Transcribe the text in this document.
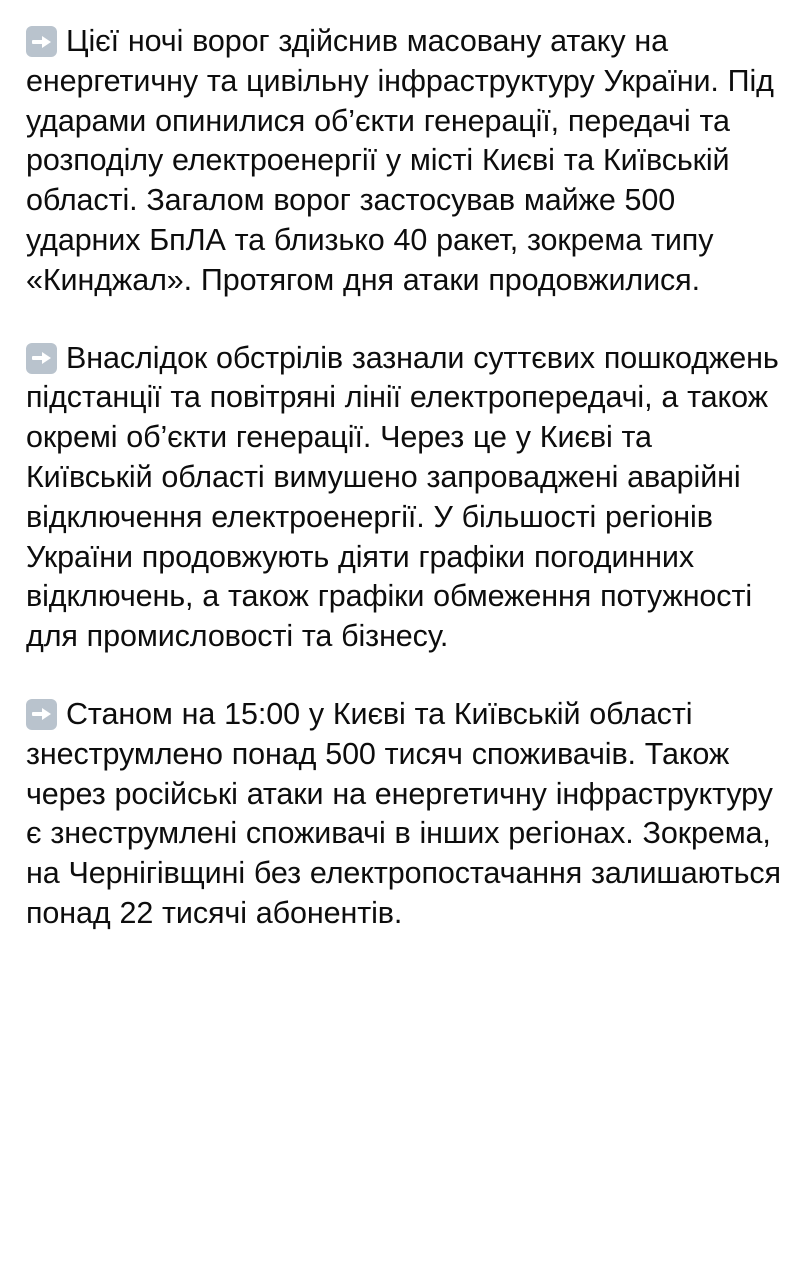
Цієї ночі ворог здійснив масовану атаку на енергетичну та цивільну інфраструктуру України. Під ударами опинилися об’єкти генерації, передачі та розподілу електроенергії у місті Києві та Київській області. Загалом ворог застосував майже 500 ударних БпЛА та близько 40 ракет, зокрема типу «Кинджал». Протягом дня атаки продовжилися.

Внаслідок обстрілів зазнали суттєвих пошкоджень підстанції та повітряні лінії електропередачі, а також окремі об’єкти генерації. Через це у Києві та Київській області вимушено запроваджені аварійні відключення електроенергії. У більшості регіонів України продовжують діяти графіки погодинних відключень, а також графіки обмеження потужності для промисловості та бізнесу.

Станом на 15:00 у Києві та Київській області знеструмлено понад 500 тисяч споживачів. Також через російські атаки на енергетичну інфраструктуру є знеструмлені споживачі в інших регіонах. Зокрема, на Чернігівщині без електропостачання залишаються понад 22 тисячі абонентів.
